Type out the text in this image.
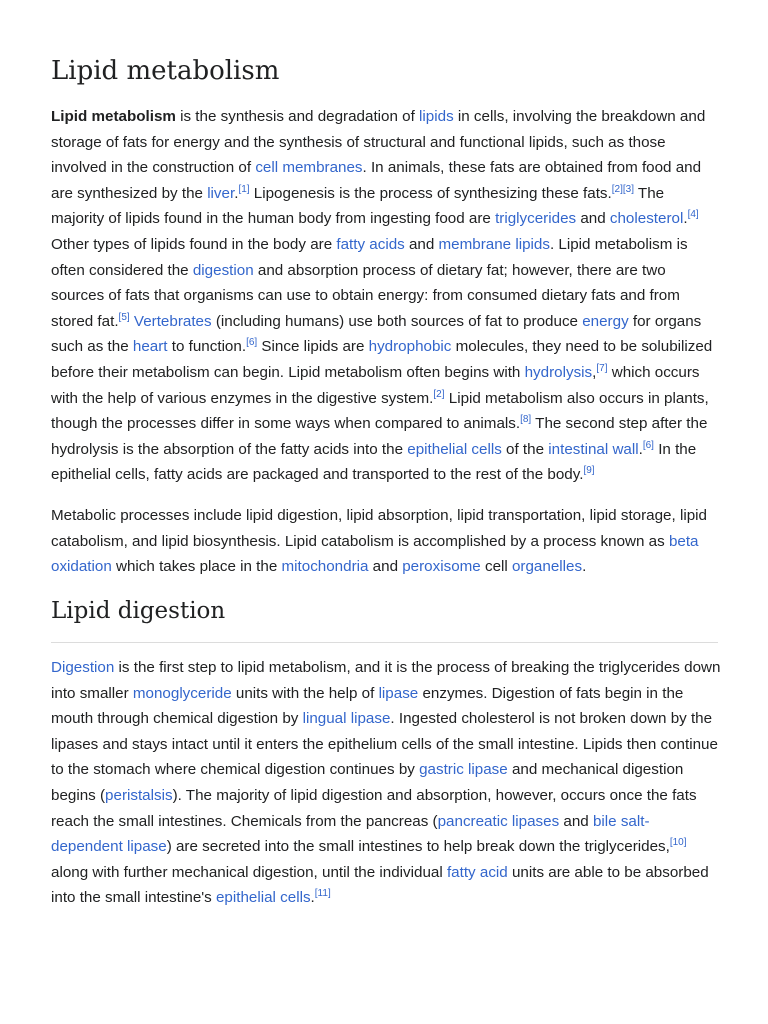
Lipid metabolism

Lipid metabolism is the synthesis and degradation of lipids in cells, involving the breakdown and storage of fats for energy and the synthesis of structural and functional lipids, such as those involved in the construction of cell membranes. In animals, these fats are obtained from food and are synthesized by the liver.[1] Lipogenesis is the process of synthesizing these fats.[2][3] The majority of lipids found in the human body from ingesting food are triglycerides and cholesterol.[4] Other types of lipids found in the body are fatty acids and membrane lipids. Lipid metabolism is often considered the digestion and absorption process of dietary fat; however, there are two sources of fats that organisms can use to obtain energy: from consumed dietary fats and from stored fat.[5] Vertebrates (including humans) use both sources of fat to produce energy for organs such as the heart to function.[6] Since lipids are hydrophobic molecules, they need to be solubilized before their metabolism can begin. Lipid metabolism often begins with hydrolysis,[7] which occurs with the help of various enzymes in the digestive system.[2] Lipid metabolism also occurs in plants, though the processes differ in some ways when compared to animals.[8] The second step after the hydrolysis is the absorption of the fatty acids into the epithelial cells of the intestinal wall.[6] In the epithelial cells, fatty acids are packaged and transported to the rest of the body.[9]

Metabolic processes include lipid digestion, lipid absorption, lipid transportation, lipid storage, lipid catabolism, and lipid biosynthesis. Lipid catabolism is accomplished by a process known as beta oxidation which takes place in the mitochondria and peroxisome cell organelles.

Lipid digestion

Digestion is the first step to lipid metabolism, and it is the process of breaking the triglycerides down into smaller monoglyceride units with the help of lipase enzymes. Digestion of fats begin in the mouth through chemical digestion by lingual lipase. Ingested cholesterol is not broken down by the lipases and stays intact until it enters the epithelium cells of the small intestine. Lipids then continue to the stomach where chemical digestion continues by gastric lipase and mechanical digestion begins (peristalsis). The majority of lipid digestion and absorption, however, occurs once the fats reach the small intestines. Chemicals from the pancreas (pancreatic lipases and bile salt-dependent lipase) are secreted into the small intestines to help break down the triglycerides,[10] along with further mechanical digestion, until the individual fatty acid units are able to be absorbed into the small intestine's epithelial cells.[11]
